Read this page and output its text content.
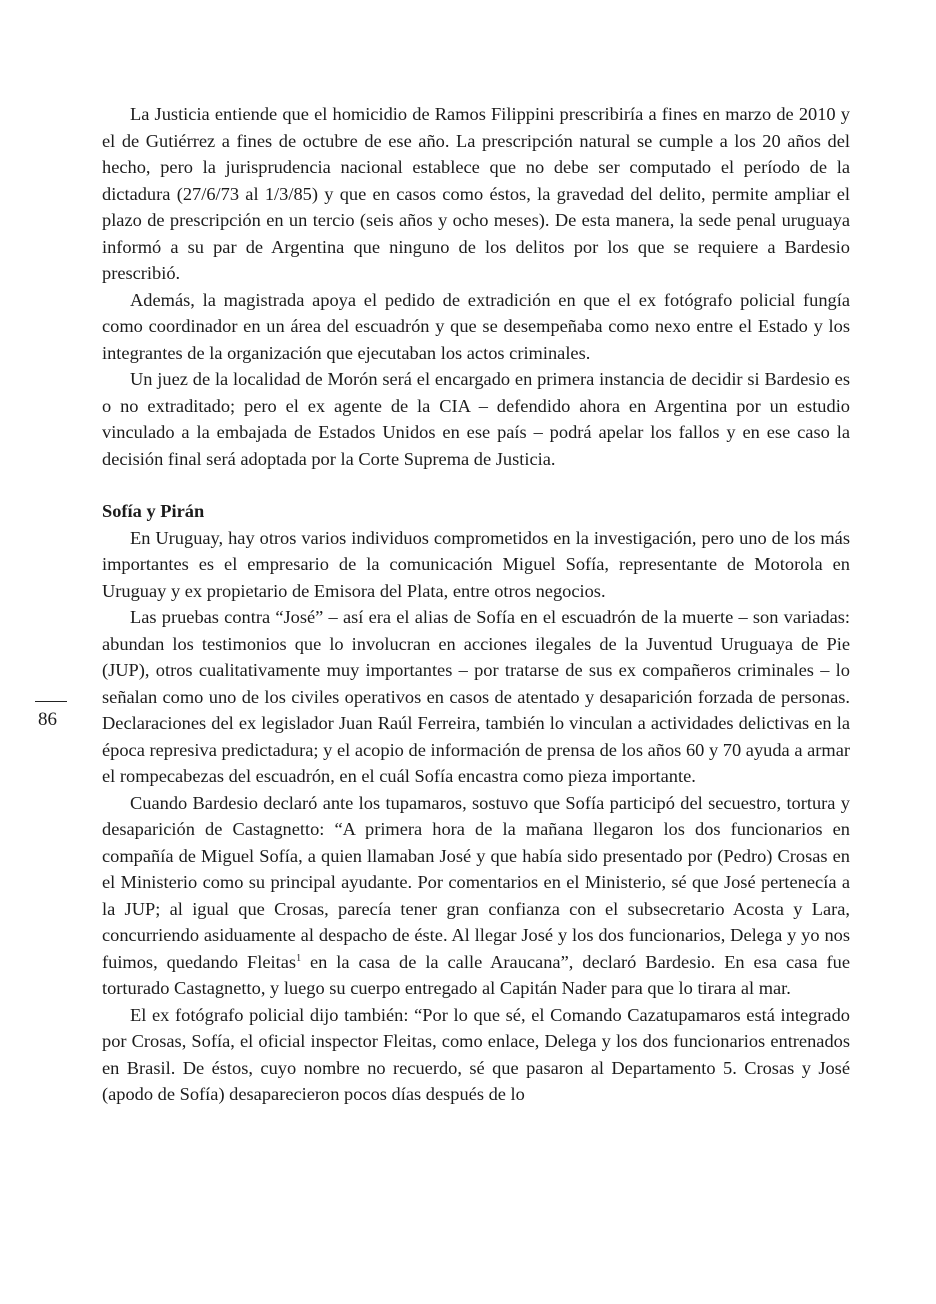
86

La Justicia entiende que el homicidio de Ramos Filippini prescribiría a fines en marzo de 2010 y el de Gutiérrez a fines de octubre de ese año. La prescripción natural se cumple a los 20 años del hecho, pero la jurisprudencia nacional establece que no debe ser computado el período de la dictadura (27/6/73 al 1/3/85) y que en casos como éstos, la gravedad del delito, permite ampliar el plazo de prescripción en un tercio (seis años y ocho meses). De esta manera, la sede penal uruguaya informó a su par de Argentina que ninguno de los delitos por los que se requiere a Bardesio prescribió.

Además, la magistrada apoya el pedido de extradición en que el ex fotógrafo policial fungía como coordinador en un área del escuadrón y que se desempeñaba como nexo entre el Estado y los integrantes de la organización que ejecutaban los actos criminales.

Un juez de la localidad de Morón será el encargado en primera instancia de decidir si Bardesio es o no extraditado; pero el ex agente de la CIA – defendido ahora en Argentina por un estudio vinculado a la embajada de Estados Unidos en ese país – podrá apelar los fallos y en ese caso la decisión final será adoptada por la Corte Suprema de Justicia.

Sofía y Pirán

En Uruguay, hay otros varios individuos comprometidos en la investigación, pero uno de los más importantes es el empresario de la comunicación Miguel Sofía, representante de Motorola en Uruguay y ex propietario de Emisora del Plata, entre otros negocios.

Las pruebas contra “José” – así era el alias de Sofía en el escuadrón de la muerte – son variadas: abundan los testimonios que lo involucran en acciones ilegales de la Juventud Uruguaya de Pie (JUP), otros cualitativamente muy importantes – por tratarse de sus ex compañeros criminales – lo señalan como uno de los civiles operativos en casos de atentado y desaparición forzada de personas. Declaraciones del ex legislador Juan Raúl Ferreira, también lo vinculan a actividades delictivas en la época represiva predictadura; y el acopio de información de prensa de los años 60 y 70 ayuda a armar el rompecabezas del escuadrón, en el cuál Sofía encastra como pieza importante.

Cuando Bardesio declaró ante los tupamaros, sostuvo que Sofía participó del secuestro, tortura y desaparición de Castagnetto: “A primera hora de la mañana llegaron los dos funcionarios en compañía de Miguel Sofía, a quien llamaban José y que había sido presentado por (Pedro) Crosas en el Ministerio como su principal ayudante. Por comentarios en el Ministerio, sé que José pertenecía a la JUP; al igual que Crosas, parecía tener gran confianza con el subsecretario Acosta y Lara, concurriendo asiduamente al despacho de éste. Al llegar José y los dos funcionarios, Delega y yo nos fuimos, quedando Fleitas$^1$ en la casa de la calle Araucana”, declaró Bardesio. En esa casa fue torturado Castagnetto, y luego su cuerpo entregado al Capitán Nader para que lo tirara al mar.

El ex fotógrafo policial dijo también: “Por lo que sé, el Comando Cazatupamaros está integrado por Crosas, Sofía, el oficial inspector Fleitas, como enlace, Delega y los dos funcionarios entrenados en Brasil. De éstos, cuyo nombre no recuerdo, sé que pasaron al Departamento 5. Crosas y José (apodo de Sofía) desaparecieron pocos días después de lo
